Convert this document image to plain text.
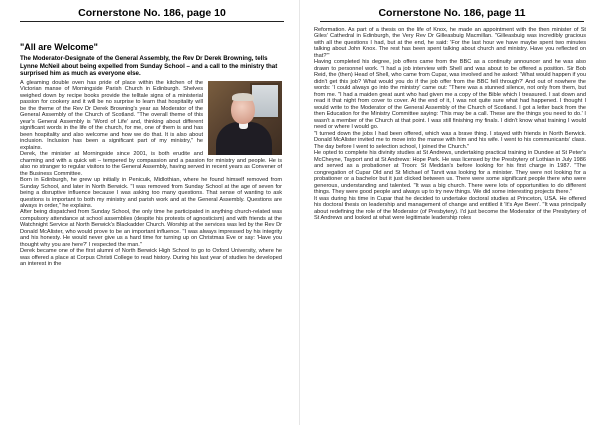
Cornerstone No. 186, page 10
"All are Welcome"
The Moderator-Designate of the General Assembly, the Rev Dr Derek Browning, tells Lynne McNeil about being expelled from Sunday School – and a call to the ministry that surprised him as much as everyone else.

A gleaming double oven has pride of place within the kitchen of the Victorian manse of Morningside Parish Church in Edinburgh. Shelves weighed down by recipe books provide the telltale signs of a ministerial passion for cookery and it will be no surprise to learn that hospitality will be the theme of the Rev Dr Derek Browning's year as Moderator of the General Assembly of the Church of Scotland. "The overall theme of this year's General Assembly is 'Word of Life' and, thinking about different significant words in the life of the church, for me, one of them is and has been hospitality and also welcome and how we do that. It is also about inclusion. Inclusion has been a significant part of my ministry," he explains.

Derek, the minister at Morningside since 2001, is both erudite and charming and with a quick wit – tempered by compassion and a passion for ministry and people. He is also no stranger to regular visitors to the General Assembly, having served in recent years as Convener of the Business Committee.

Born in Edinburgh, he grew up initially in Penicuik, Midlothian, where he found himself removed from Sunday School, and later in North Berwick. "I was removed from Sunday School at the age of seven for being a disruptive influence because I was asking too many questions. That sense of wanting to ask questions is important to both my ministry and parish work and at the General Assembly. Questions are always in order," he explains.

After being dispatched from Sunday School, the only time he participated in anything church-related was compulsory attendance at school assemblies (despite his protests of agnosticism) and with friends at the Watchnight Service at North Berwick's Blackadder Church. Worship at the services was led by the Rev Dr Donald McAlister, who would prove to be an important influence. "I was always impressed by his integrity and his honesty. He would never give us a hard time for turning up on Christmas Eve or say: 'Have you thought why you are here?' I respected the man."

Derek became one of the first alumni of North Berwick High School to go to Oxford University, where he was offered a place at Corpus Christi College to read history. During his last year of studies he developed an interest in the

Cornerstone No. 186, page 11

Reformation. As part of a thesis on the life of Knox, he made an appointment with the then minister of St Giles' Cathedral in Edinburgh, the Very Rev Dr Gilleasbuig Macmillan. "Gilleasbuig was incredibly gracious with all the questions I had, but at the end, he said: 'For the last hour we have maybe spent two minutes talking about John Knox. The rest has been spent talking about church and ministry. Have you reflected on that?'"

Having completed his degree, job offers came from the BBC as a continuity announcer and he was also drawn to personnel work. "I had a job interview with Shell and was about to be offered a position. Sir Bob Reid, the (then) Head of Shell, who came from Cupar, was involved and he asked: 'What would happen if you didn't get this job? What would you do if the job offer from the BBC fell through?' And out of nowhere the words: 'I could always go into the ministry' came out: "There was a stunned silence, not only from them, but from me. "I had a maiden great aunt who had given me a copy of the Bible which I treasured. I sat down and read it that night from cover to cover. At the end of it, I was not quite sure what had happened. I thought I would write to the Moderator of the General Assembly of the Church of Scotland. I got a letter back from the then Education for the Ministry Committee saying: 'This may be a call. These are the things you need to do.' I wasn't a member of the Church at that point. I was still finishing my finals. I didn't know what training I would need or where I would go.

"I turned down the jobs I had been offered, which was a brave thing. I stayed with friends in North Berwick. Donald McAlister invited me to move into the manse with him and his wife. I went to his communicants' class. The day before I went to selection school, I joined the Church."

He opted to complete his divinity studies at St Andrews, undertaking practical training in Dundee at St Peter's McCheyne, Tayport and at St Andrews: Hope Park. He was licensed by the Presbytery of Lothian in July 1986 and served as a probationer at Troon: St Meddan's before looking for his first charge in 1987. "The congregation of Cupar Old and St Michael of Tarvit was looking for a minister. They were not looking for a probationer or a bachelor but it just clicked between us. There were some significant people there who were generous, understanding and talented. "It was a big church. There were lots of opportunities to do different things. They were good people and always up to try new things. We did some interesting projects there."

It was during his time in Cupar that he decided to undertake doctoral studies at Princeton, USA. He offered his doctoral thesis on leadership and management of change and entitled it 'It's Aye Been'. "It was principally about redefining the role of the Moderator (of Presbytery). I'd just become the Moderator of the Presbytery of St Andrews and looked at what were legitimate leadership roles
